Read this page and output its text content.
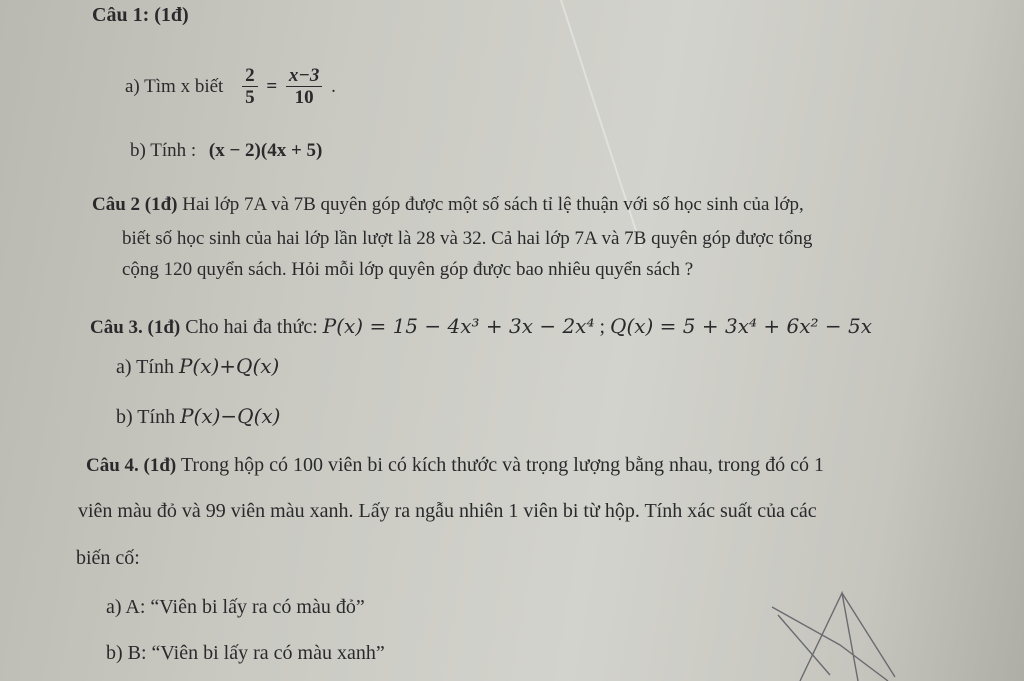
Câu 1: (1đ)
a) Tìm x biết $\frac{2}{5} = \frac{x-3}{10}$ .
b) Tính : (x − 2)(4x + 5)
Câu 2 (1đ) Hai lớp 7A và 7B quyên góp được một số sách tỉ lệ thuận với số học sinh của lớp,
biết số học sinh của hai lớp lần lượt là 28 và 32. Cả hai lớp 7A và 7B quyên góp được tổng
cộng 120 quyển sách. Hỏi mỗi lớp quyên góp được bao nhiêu quyển sách ?
Câu 3. (1đ) Cho hai đa thức: P(x) = 15 − 4x³ + 3x − 2x⁴ ; Q(x) = 5 + 3x⁴ + 6x² − 5x
a) Tính P(x)+Q(x)
b) Tính P(x)−Q(x)
Câu 4. (1đ) Trong hộp có 100 viên bi có kích thước và trọng lượng bằng nhau, trong đó có 1
viên màu đỏ và 99 viên màu xanh. Lấy ra ngẫu nhiên 1 viên bi từ hộp. Tính xác suất của các
biến cố:
a) A: “Viên bi lấy ra có màu đỏ”
b) B: “Viên bi lấy ra có màu xanh”
